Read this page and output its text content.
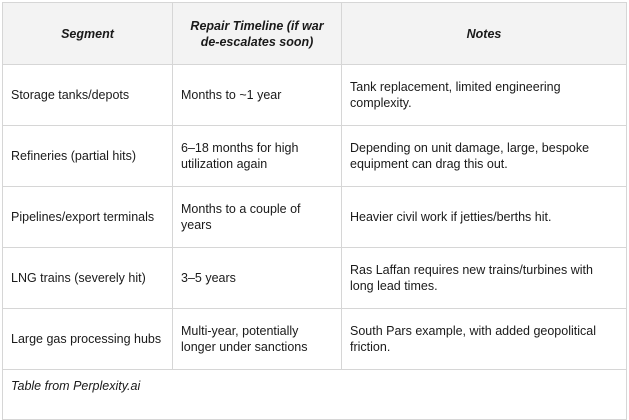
Segment	Repair Timeline (if war de-escalates soon)	Notes
Storage tanks/depots	Months to ~1 year	Tank replacement, limited engineering complexity.
Refineries (partial hits)	6–18 months for high utilization again	Depending on unit damage, large, bespoke equipment can drag this out.
Pipelines/export terminals	Months to a couple of years	Heavier civil work if jetties/berths hit.
LNG trains (severely hit)	3–5 years	Ras Laffan requires new trains/turbines with long lead times.
Large gas processing hubs	Multi-year, potentially longer under sanctions	South Pars example, with added geopolitical friction.
Table from Perplexity.ai		
